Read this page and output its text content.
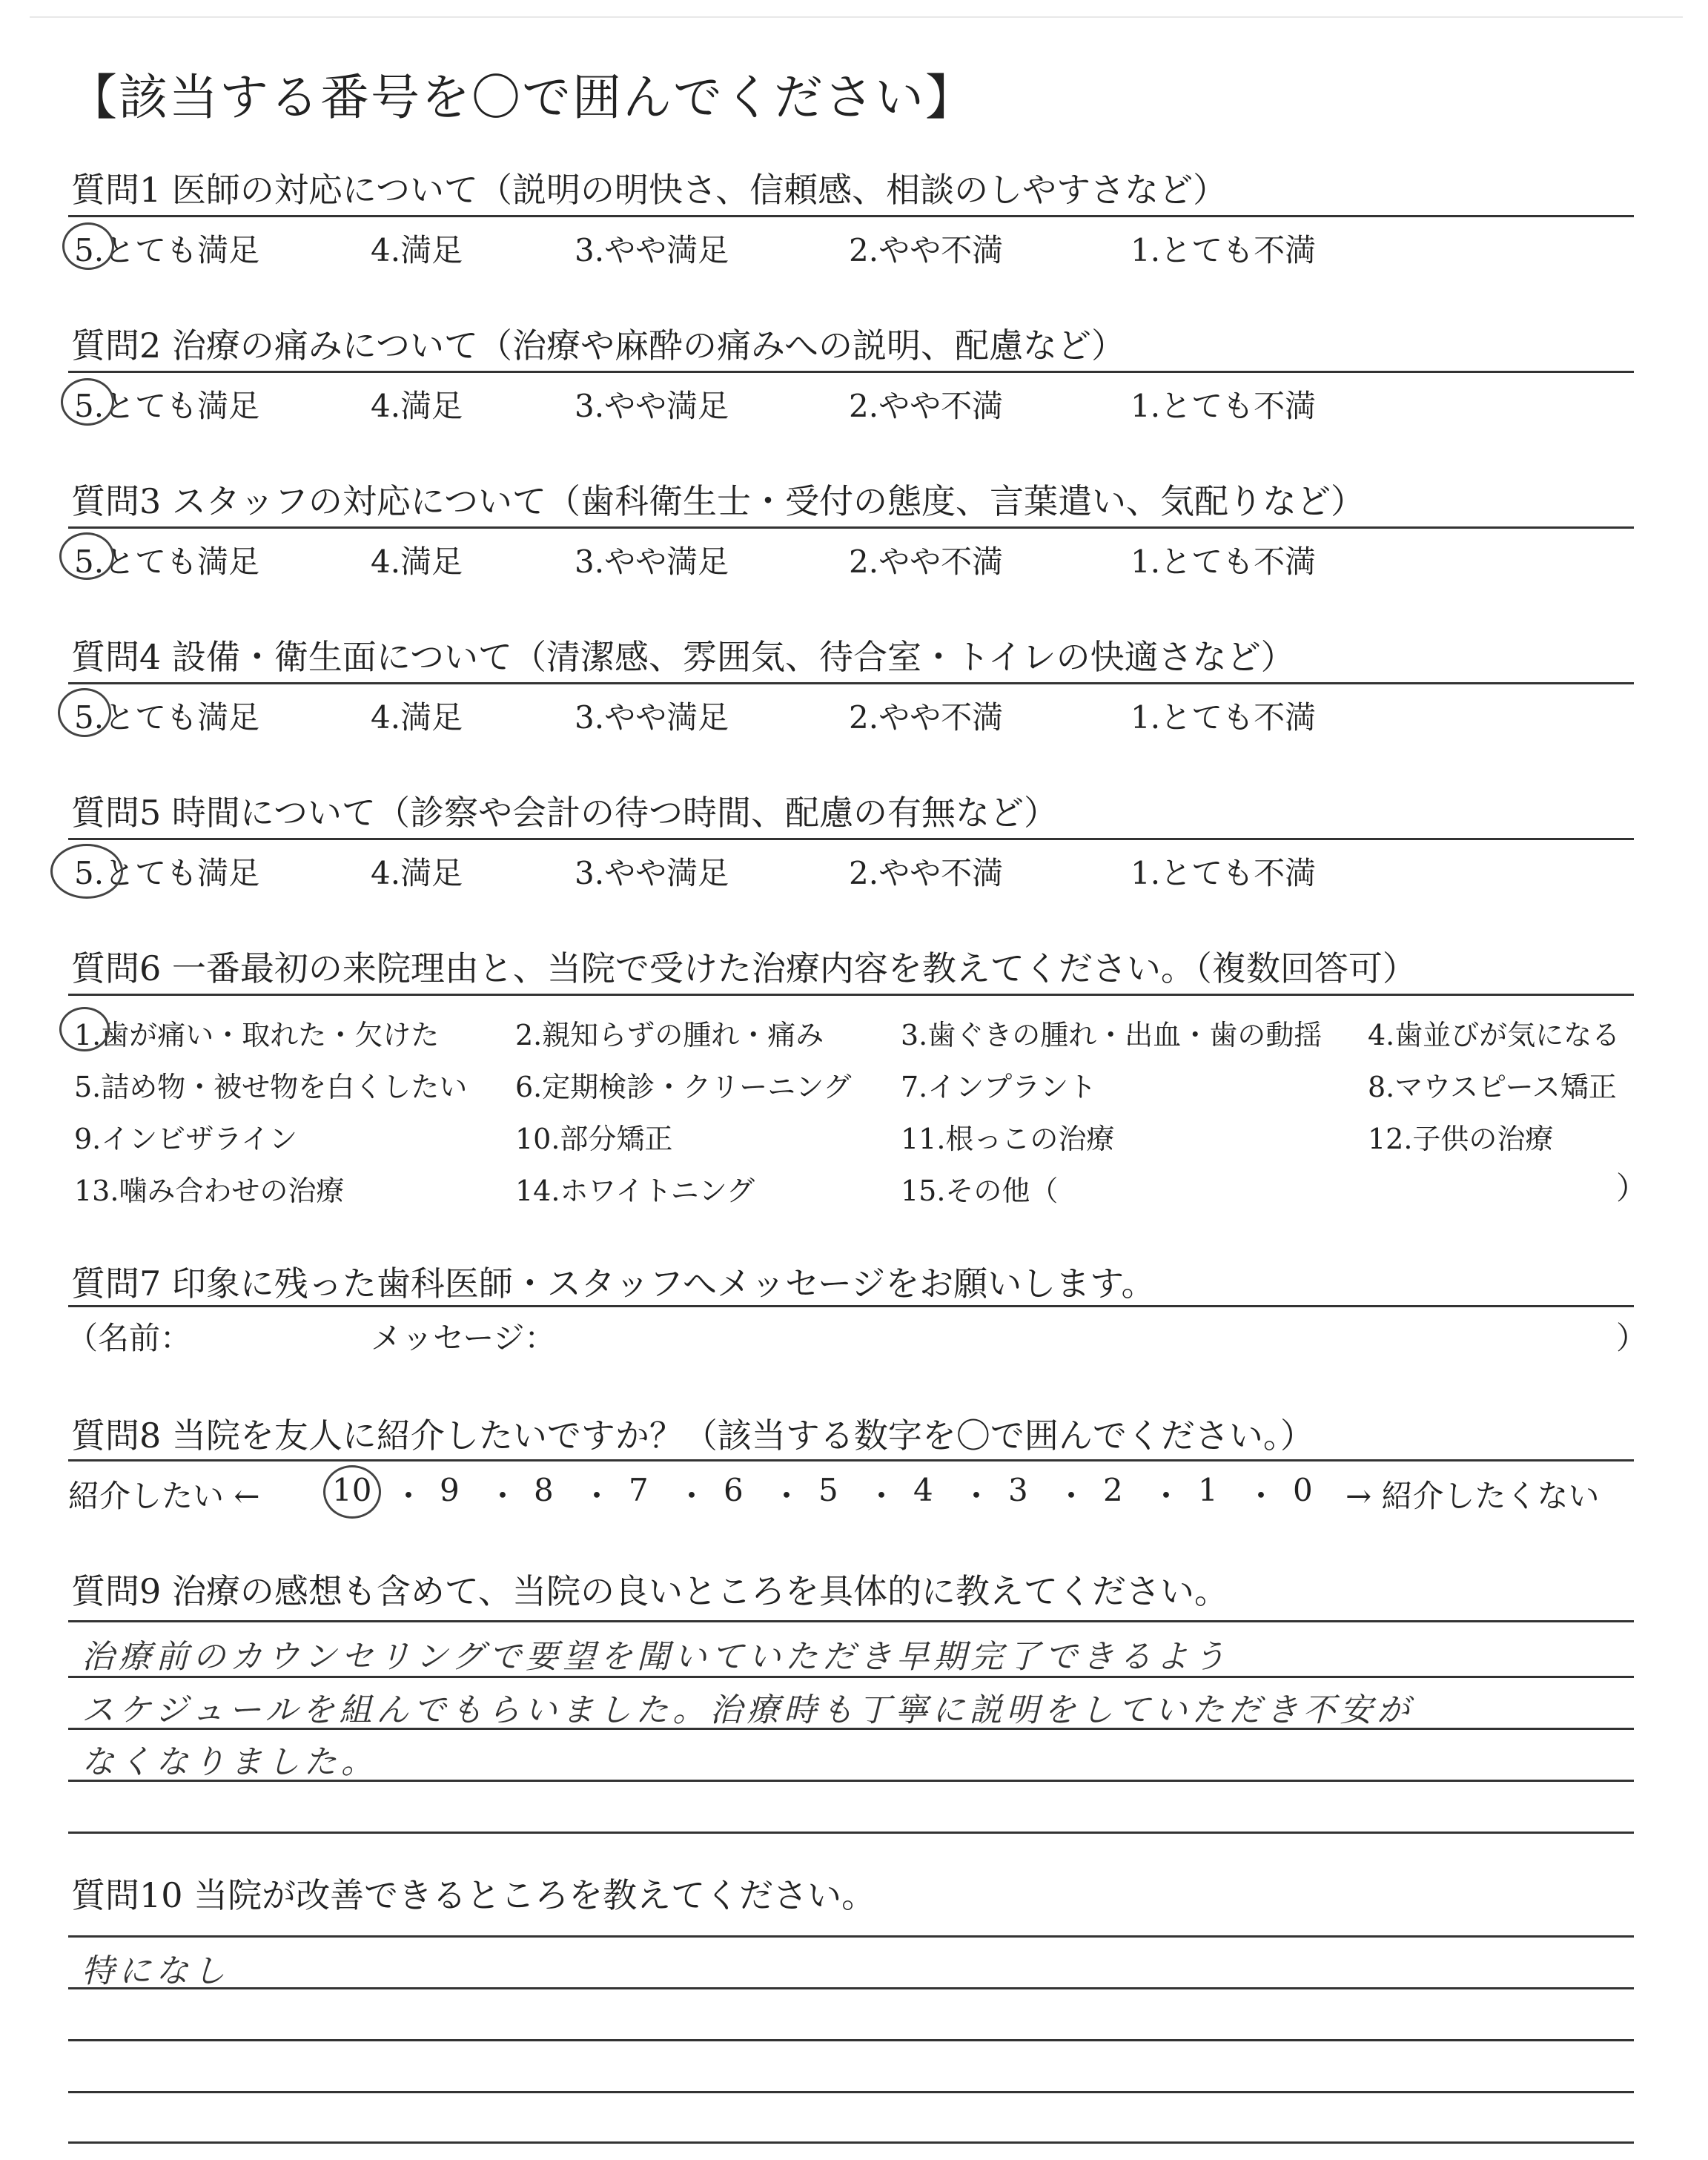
【該当する番号を〇で囲んでください】
質問1 医師の対応について（説明の明快さ、信頼感、相談のしやすさなど）
5.とても満足	4.満足	3.やや満足	2.やや不満	1.とても不満
質問2 治療の痛みについて（治療や麻酔の痛みへの説明、配慮など）
5.とても満足	4.満足	3.やや満足	2.やや不満	1.とても不満
質問3 スタッフの対応について（歯科衛生士・受付の態度、言葉遣い、気配りなど）
5.とても満足	4.満足	3.やや満足	2.やや不満	1.とても不満
質問4 設備・衛生面について（清潔感、雰囲気、待合室・トイレの快適さなど）
5.とても満足	4.満足	3.やや満足	2.やや不満	1.とても不満
質問5 時間について（診察や会計の待つ時間、配慮の有無など）
5.とても満足	4.満足	3.やや満足	2.やや不満	1.とても不満
質問6 一番最初の来院理由と、当院で受けた治療内容を教えてください。（複数回答可）
1.歯が痛い・取れた・欠けた	2.親知らずの腫れ・痛み	3.歯ぐきの腫れ・出血・歯の動揺 4.歯並びが気になる
5.詰め物・被せ物を白くしたい 6.定期検診・クリーニング 7.インプラント	8.マウスピース矯正
9.インビザライン	10.部分矯正	11.根っこの治療	12.子供の治療
13.噛み合わせの治療	14.ホワイトニング	15.その他（	）
質問7 印象に残った歯科医師・スタッフへメッセージをお願いします。
（名前：	メッセージ：	）
質問8 当院を友人に紹介したいですか？（該当する数字を〇で囲んでください。）
紹介したい ← 10 ・ 9 ・ 8 ・ 7 ・ 6 ・ 5 ・ 4 ・ 3 ・ 2 ・ 1 ・ 0 → 紹介したくない
質問9 治療の感想も含めて、当院の良いところを具体的に教えてください。
治療前のカウンセリングで要望を聞いていただき早期完了できるよう
スケジュールを組んでもらいました。治療時も丁寧に説明をしていただき不安が
なくなりました。
質問10 当院が改善できるところを教えてください。
特になし
